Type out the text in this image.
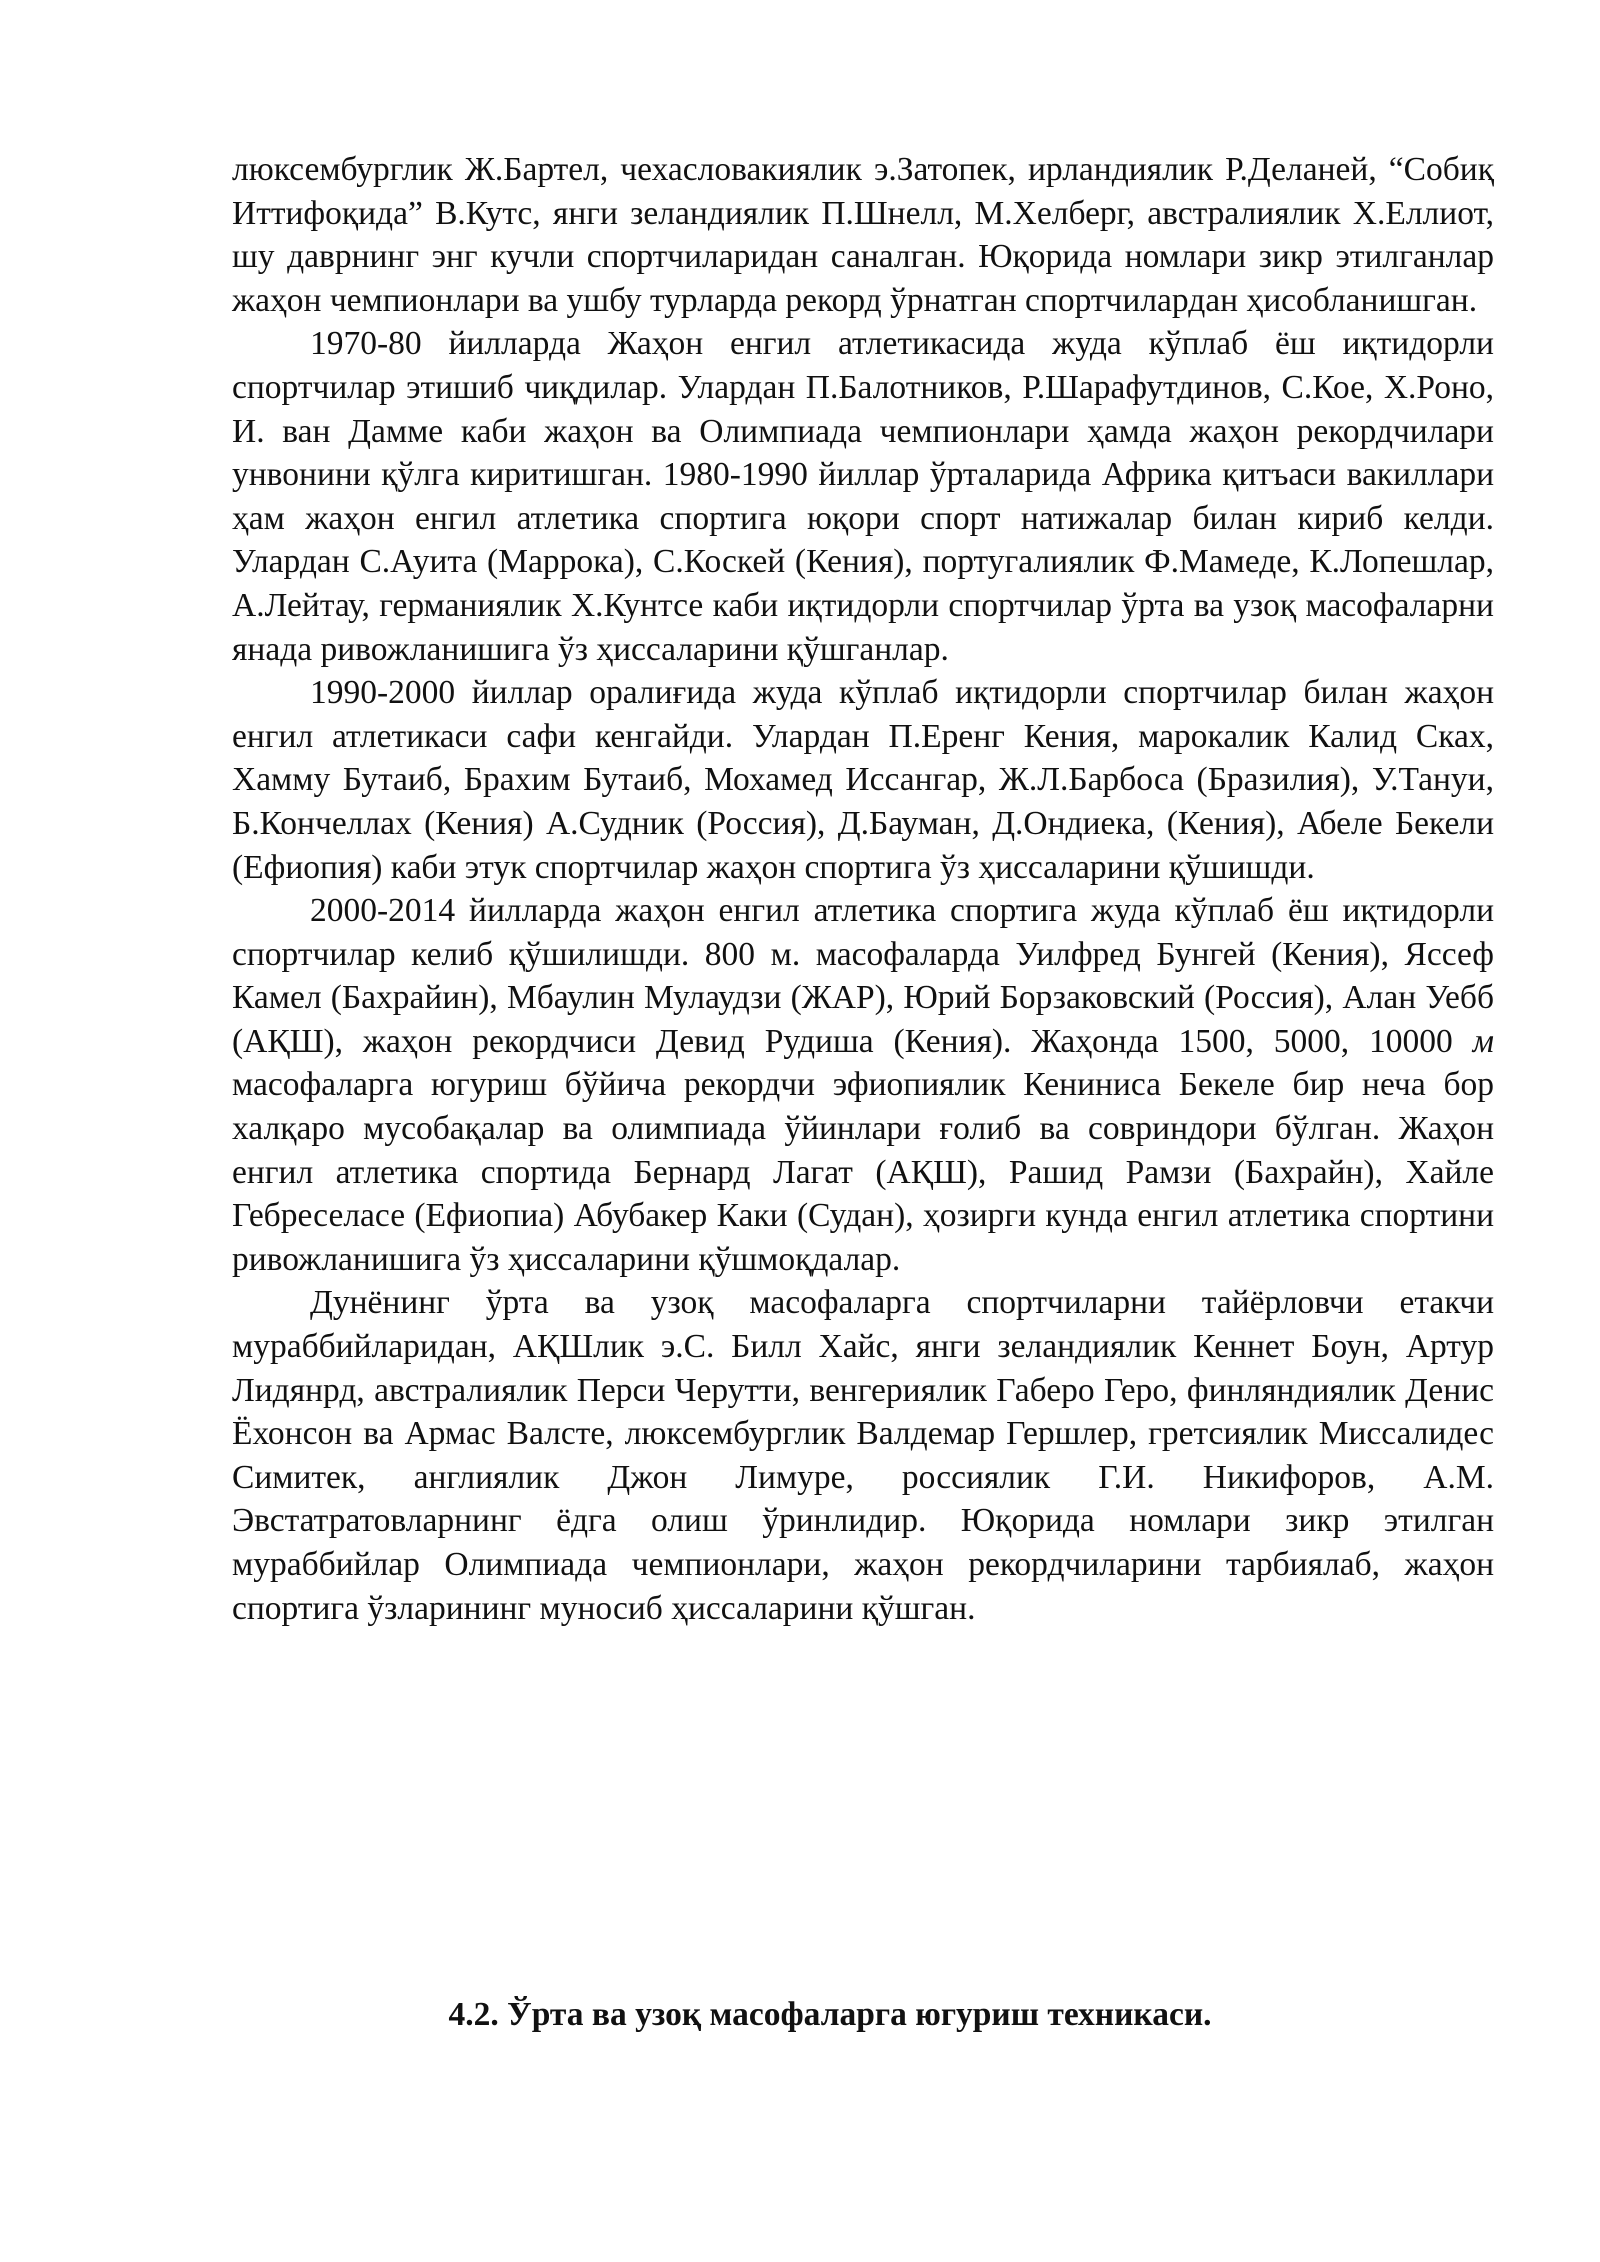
люксембурглик Ж.Бартел, чехасловакиялик э.Затопек, ирландиялик Р.Деланей, “Собиқ Иттифоқида” В.Кутс, янги зеландиялик П.Шнелл, М.Хелберг, австралиялик Х.Еллиот, шу даврнинг энг кучли спортчиларидан саналган. Юқорида номлари зикр этилганлар жаҳон чемпионлари ва ушбу турларда рекорд ўрнатган спортчилардан ҳисобланишган.

1970-80 йилларда Жаҳон енгил атлетикасида жуда кўплаб ёш иқтидорли спортчилар этишиб чиқдилар. Улардан П.Балотников, Р.Шарафутдинов, С.Кое, Х.Роно, И. ван Дамме каби жаҳон ва Олимпиада чемпионлари ҳамда жаҳон рекордчилари унвонини қўлга киритишган. 1980-1990 йиллар ўрталарида Африка қитъаси вакиллари ҳам жаҳон енгил атлетика спортига юқори спорт натижалар билан кириб келди. Улардан С.Ауита (Маррока), С.Коскей (Кения), португалиялик Ф.Мамеде, К.Лопешлар, А.Лейтау, германиялик Х.Кунтсе каби иқтидорли спортчилар ўрта ва узоқ масофаларни янада ривожланишига ўз ҳиссаларини қўшганлар.

1990-2000 йиллар оралиғида жуда кўплаб иқтидорли спортчилар билан жаҳон енгил атлетикаси сафи кенгайди. Улардан П.Еренг Кения, марокалик Калид Сках, Хамму Бутаиб, Брахим Бутаиб, Мохамед Иссангар, Ж.Л.Барбоса (Бразилия), У.Тануи, Б.Кончеллах (Кения) А.Судник (Россия), Д.Бауман, Д.Ондиека, (Кения), Абеле Бекели (Ефиопия) каби этук спортчилар жаҳон спортига ўз ҳиссаларини қўшишди.

2000-2014 йилларда жаҳон енгил атлетика спортига жуда кўплаб ёш иқтидорли спортчилар келиб қўшилишди. 800 м. масофаларда Уилфред Бунгей (Кения), Яссеф Камел (Бахрайин), Мбаулин Мулаудзи (ЖАР), Юрий Борзаковский (Россия), Алан Уебб (АҚШ), жаҳон рекордчиси Девид Рудиша (Кения). Жаҳонда 1500, 5000, 10000 м масофаларга югуриш бўйича рекордчи эфиопиялик Кениниса Бекеле бир неча бор халқаро мусобақалар ва олимпиада ўйинлари ғолиб ва совриндори бўлган. Жаҳон енгил атлетика спортида Бернард Лагат (АҚШ), Рашид Рамзи (Бахрайн), Хайле Гебреселасе (Ефиопиа) Абубакер Каки (Судан), ҳозирги кунда енгил атлетика спортини ривожланишига ўз ҳиссаларини қўшмоқдалар.

Дунёнинг ўрта ва узоқ масофаларга спортчиларни тайёрловчи етакчи мураббийларидан, АҚШлик э.С. Билл Хайс, янги зеландиялик Кеннет Боун, Артур Лидянрд, австралиялик Перси Черутти, венгериялик Габеро Геро, финляндиялик Денис Ёхонсон ва Армас Валсте, люксембурглик Валдемар Гершлер, гретсиялик Миссалидес Симитек, англиялик Джон Лимуре, россиялик Г.И. Никифоров, А.М. Эвстатратовларнинг ёдга олиш ўринлидир. Юқорида номлари зикр этилган мураббийлар Олимпиада чемпионлари, жаҳон рекордчиларини тарбиялаб, жаҳон спортига ўзларининг муносиб ҳиссаларини қўшган.

4.2. Ўрта ва узоқ масофаларга югуриш техникаси.
